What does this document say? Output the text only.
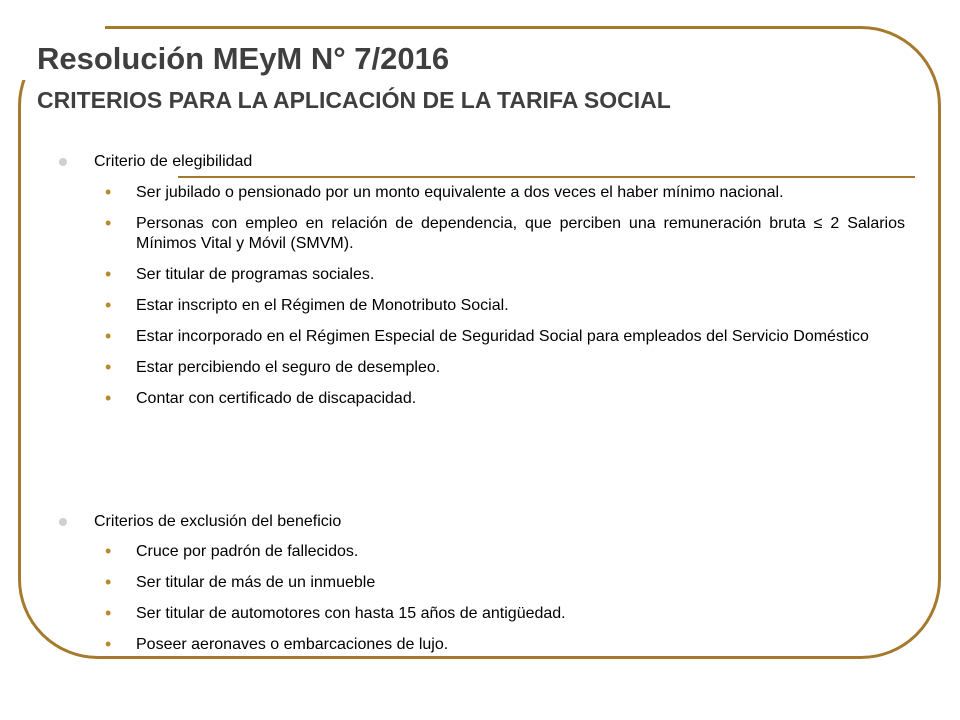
Resolución MEyM N° 7/2016
CRITERIOS PARA LA APLICACIÓN DE LA TARIFA SOCIAL

Criterio de elegibilidad

• Ser jubilado o pensionado por un monto equivalente a dos veces el haber mínimo nacional.
• Personas con empleo en relación de dependencia, que perciben una remuneración bruta ≤ 2 Salarios Mínimos Vital y Móvil (SMVM).
• Ser titular de programas sociales.
• Estar inscripto en el Régimen de Monotributo Social.
• Estar incorporado en el Régimen Especial de Seguridad Social para empleados del Servicio Doméstico
• Estar percibiendo el seguro de desempleo.
• Contar con certificado de discapacidad.

Criterios de exclusión del beneficio

• Cruce por padrón de fallecidos.
• Ser titular de más de un inmueble
• Ser titular de automotores con hasta 15 años de antigüedad.
• Poseer aeronaves o embarcaciones de lujo.
